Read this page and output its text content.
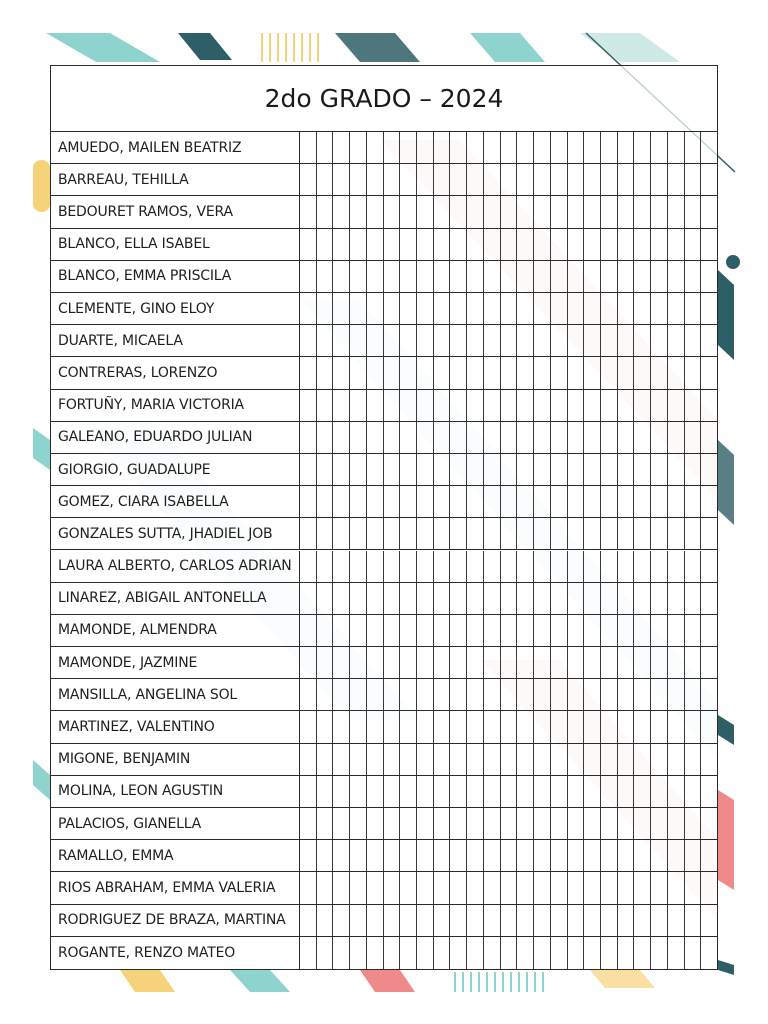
2do GRADO – 2024
AMUEDO, MAILEN BEATRIZ
BARREAU, TEHILLA
BEDOURET RAMOS, VERA
BLANCO, ELLA ISABEL
BLANCO, EMMA PRISCILA
CLEMENTE, GINO ELOY
DUARTE, MICAELA
CONTRERAS, LORENZO
FORTUÑY, MARIA VICTORIA
GALEANO, EDUARDO JULIAN
GIORGIO, GUADALUPE
GOMEZ, CIARA ISABELLA
GONZALES SUTTA, JHADIEL JOB
LAURA ALBERTO, CARLOS ADRIAN
LINAREZ, ABIGAIL ANTONELLA
MAMONDE, ALMENDRA
MAMONDE, JAZMINE
MANSILLA, ANGELINA SOL
MARTINEZ, VALENTINO
MIGONE, BENJAMIN
MOLINA, LEON AGUSTIN
PALACIOS, GIANELLA
RAMALLO, EMMA
RIOS ABRAHAM, EMMA VALERIA
RODRIGUEZ DE BRAZA, MARTINA
ROGANTE, RENZO MATEO
